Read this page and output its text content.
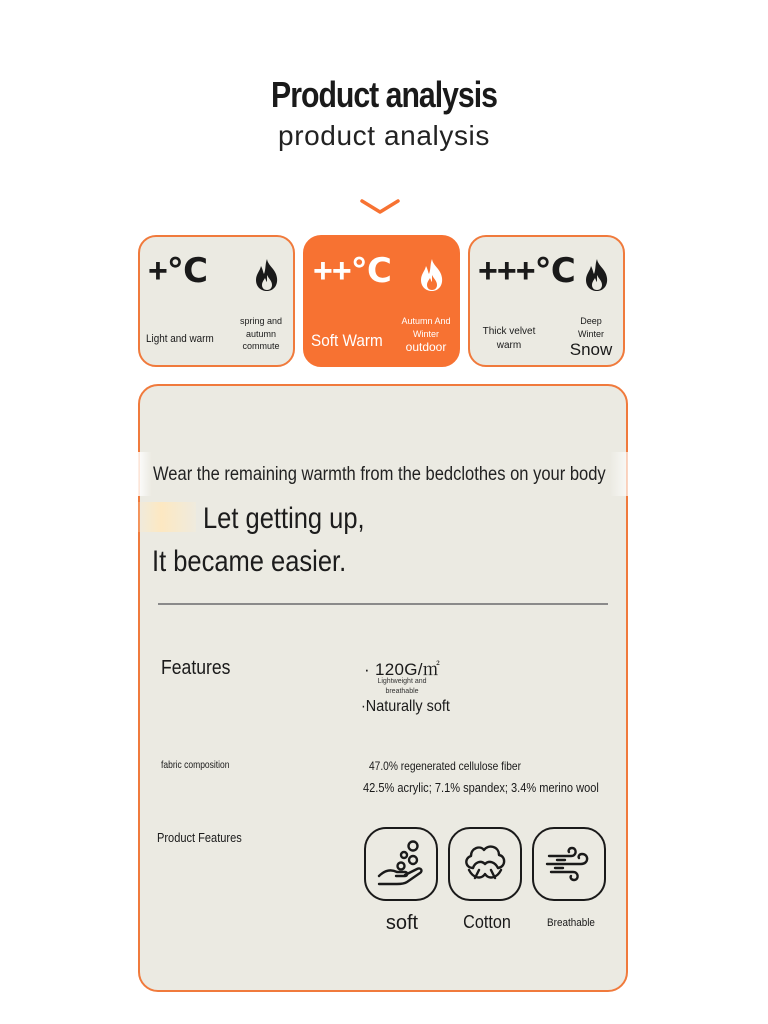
Product analysis
product analysis
+℃
spring and
autumn
commute
Light and warm
++℃
Autumn And
Winter

outdoor
Soft Warm
+++℃
Deep
Winter

Snow
Thick velvet
warm
Wear the remaining warmth from the bedclothes on your body
Let getting up,
It became easier.
Features	· 120G/㎡
Lightweight and
breathable
·Naturally soft
fabric composition	47.0% regenerated cellulose fiber
42.5% acrylic; 7.1% spandex; 3.4% merino wool
Product Features
soft	Cotton	Breathable
